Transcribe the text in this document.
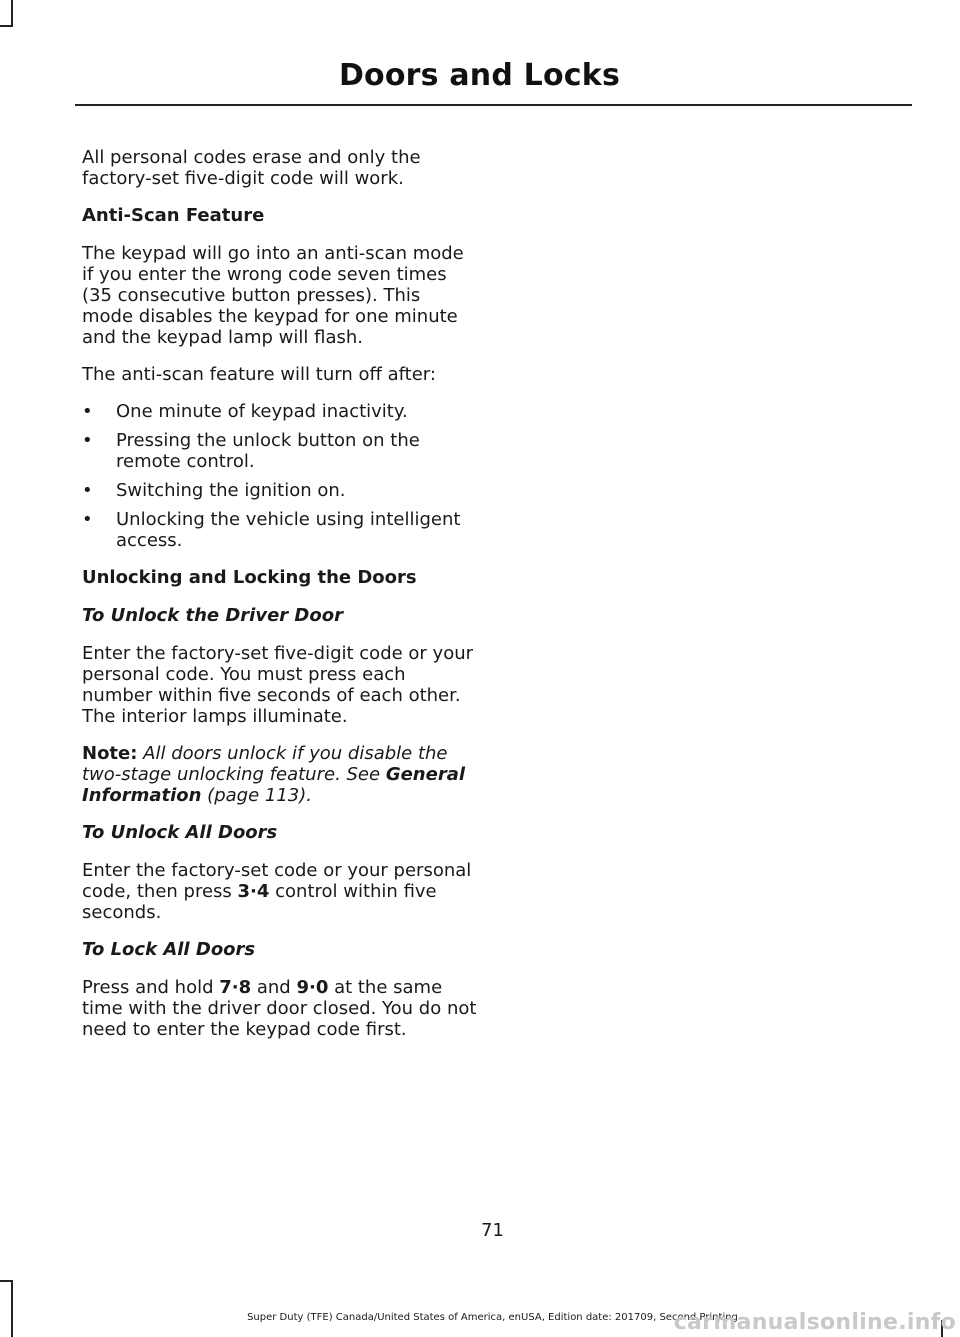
Doors and Locks

All personal codes erase and only the factory-set five-digit code will work.

Anti-Scan Feature

The keypad will go into an anti-scan mode if you enter the wrong code seven times (35 consecutive button presses). This mode disables the keypad for one minute and the keypad lamp will flash.

The anti-scan feature will turn off after:

• One minute of keypad inactivity.
• Pressing the unlock button on the remote control.
• Switching the ignition on.
• Unlocking the vehicle using intelligent access.
Unlocking and Locking the Doors
To Unlock the Driver Door

Enter the factory-set five-digit code or your personal code. You must press each number within five seconds of each other. The interior lamps illuminate.

Note: All doors unlock if you disable the two-stage unlocking feature. See General Information (page 113).

To Unlock All Doors

Enter the factory-set code or your personal code, then press 3·4 control within five seconds.

To Lock All Doors

Press and hold 7·8 and 9·0 at the same time with the driver door closed. You do not need to enter the keypad code first.

71
Super Duty (TFE) Canada/United States of America, enUSA, Edition date: 201709, Second Printing
carmanualsonline.info
